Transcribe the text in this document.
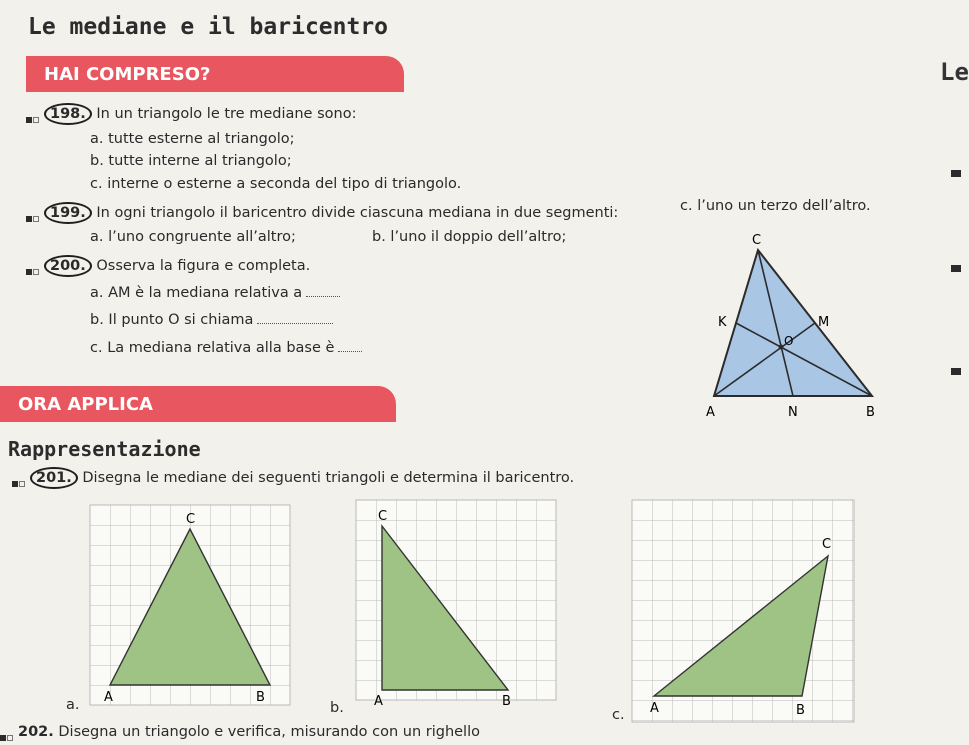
Le mediane e il baricentro
Le
HAI COMPRESO?
198. In un triangolo le tre mediane sono:
a. tutte esterne al triangolo;
b. tutte interne al triangolo;
c. interne o esterne a seconda del tipo di triangolo.
199. In ogni triangolo il baricentro divide ciascuna mediana in due segmenti:
a. l’uno congruente all’altro;	b. l’uno il doppio dell’altro;
c. l’uno un terzo dell’altro.
200. Osserva la figura e completa.
a. AM è la mediana relativa a
b. Il punto O si chiama
c. La mediana relativa alla base è
C
K	M
O
A	N	B
ORA APPLICA
Rappresentazione
201. Disegna le mediane dei seguenti triangoli e determina il baricentro.
a.
C
A	B
b.
C
A	B
c.
C
A	B
202. Disegna un triangolo e verifica, misurando con un righello
